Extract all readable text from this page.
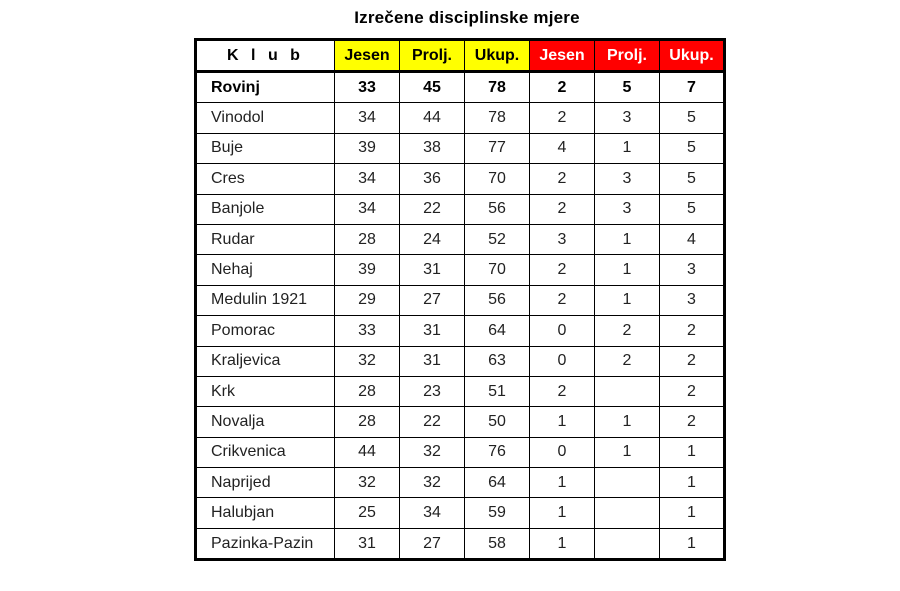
Izrečene disciplinske mjere
K l u b	Jesen	Prolj.	Ukup.	Jesen	Prolj.	Ukup.
Rovinj	33	45	78	2	5	7
Vinodol	34	44	78	2	3	5
Buje	39	38	77	4	1	5
Cres	34	36	70	2	3	5
Banjole	34	22	56	2	3	5
Rudar	28	24	52	3	1	4
Nehaj	39	31	70	2	1	3
Medulin 1921	29	27	56	2	1	3
Pomorac	33	31	64	0	2	2
Kraljevica	32	31	63	0	2	2
Krk	28	23	51	2		2
Novalja	28	22	50	1	1	2
Crikvenica	44	32	76	0	1	1
Naprijed	32	32	64	1		1
Halubjan	25	34	59	1		1
Pazinka-Pazin	31	27	58	1		1
